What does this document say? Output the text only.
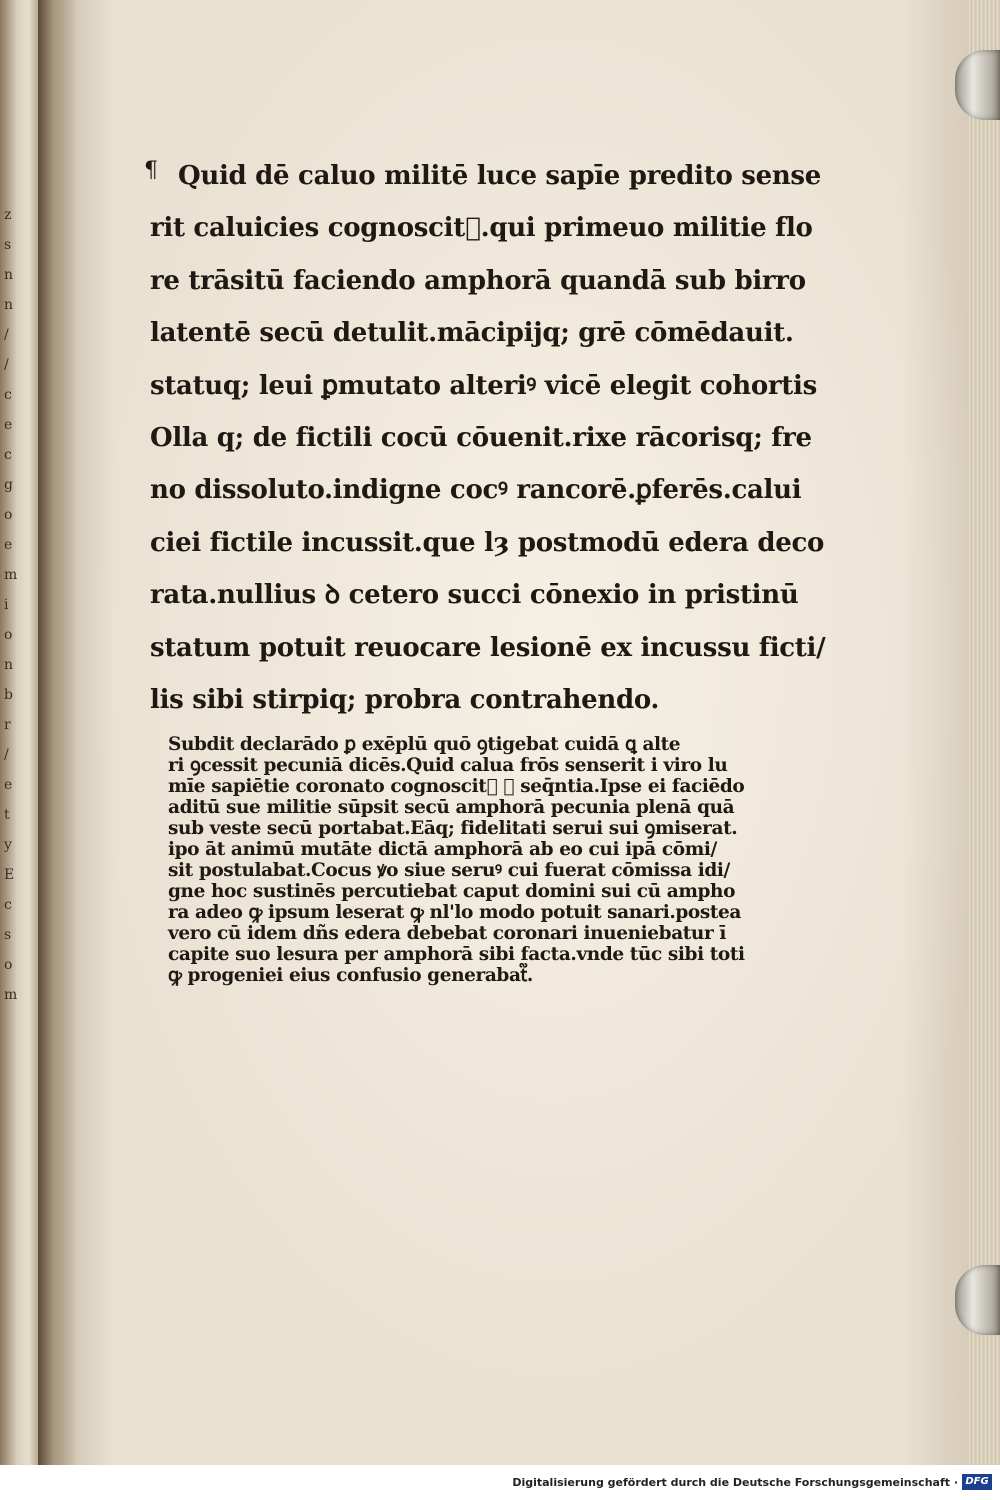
z
s
n
n
/
/
c
e
c
g
o
e
m
i
o
n
b
r
/
e
t
y
E
c
s
o
m
¶ Quid dē caluo militē luce sapīe predito sense
rit caluicies cognoscit᷑.qui primeuo militie flo
re trāsitū faciendo amphorā quandā sub birro
latentē secū detulit.mācipijq; grē cōmēdauit.
statuq; leui ꝑmutato alteriꝰ vicē elegit cohortis
Olla q; de fictili cocū cōuenit.rixe rācorisq; fre
no dissoluto.indigne cocꝰ rancorē.ꝑferēs.calui
ciei fictile incussit.que lȝ postmodū edera deco
rata.nullius ꝺ cetero succi cōnexio in pristinū
statum potuit reuocare lesionē ex incussu ficti/
lis sibi stirpiq; probra contrahendo.
Subdit declarādo ꝑ exēplū quō ꝯtigebat cuidā ꝗ alte
ri ꝯcessit pecuniā dicēs.Quid calua frōs senserit i viro lu
mīe sapiētie coronato cognoscit᷑ ꝑ seq̄ntia.Ipse ei faciēdo
aditū sue militie sūpsit secū amphorā pecunia plenā quā
sub veste secū portabat.Eāq; fidelitati serui sui ꝯmiserat.
ipo āt animū mutāte dictā amphorā ab eo cui ipā cōmi/
sit postulabat.Cocus ꝟo siue seruꝰ cui fuerat cōmissa idi/
gne hoc sustinēs percutiebat caput domini sui cū ampho
ra adeo ꝙ ipsum leserat ꝙ nl'lo modo potuit sanari.postea
vero cū idem dñs edera debebat coronari inueniebatur ī
capite suo lesura per amphorā sibi facta.vnde tūc sibi toti
ꝙ progeniei eius confusio generabat᷑.
Digitalisierung gefördert durch die Deutsche Forschungsgemeinschaft · DFG
